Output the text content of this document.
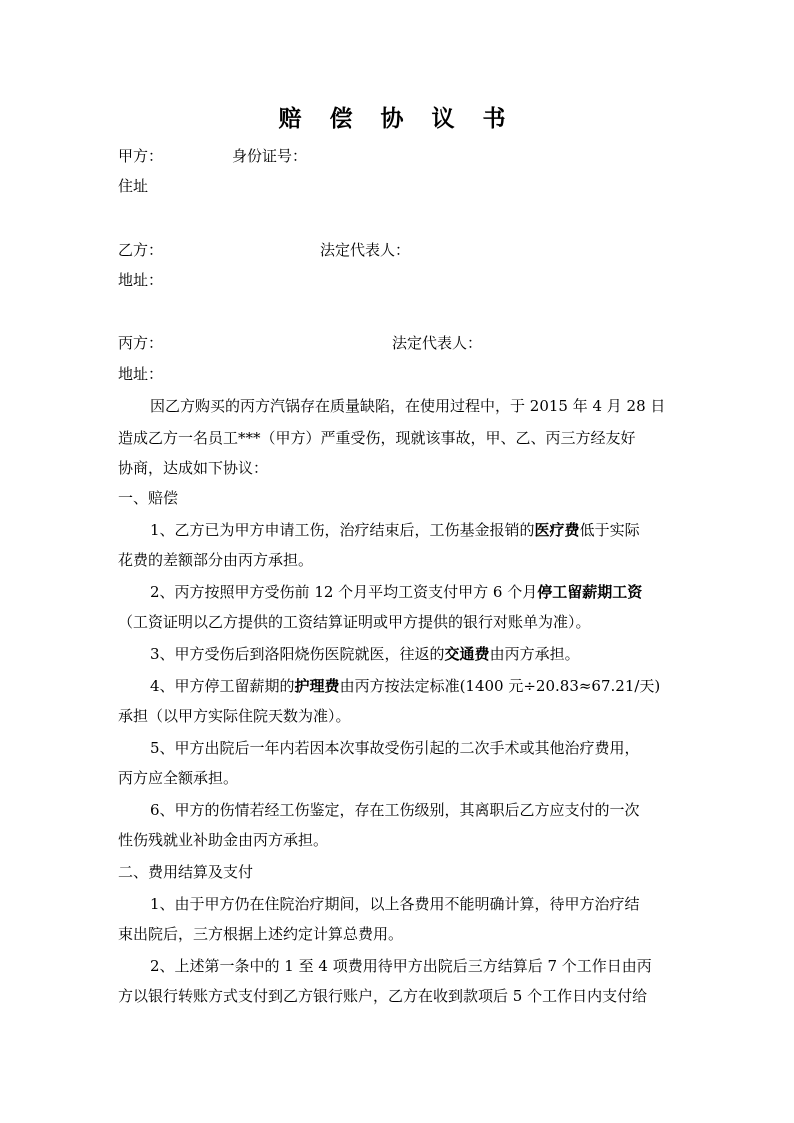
赔 偿 协 议 书
甲方：	身份证号：
住址
乙方：	法定代表人：
地址：
丙方：	法定代表人：
地址：
因乙方购买的丙方汽锅存在质量缺陷，在使用过程中，于 2015 年 4 月 28 日
造成乙方一名员工***（甲方）严重受伤，现就该事故，甲、乙、丙三方经友好
协商，达成如下协议：
一、赔偿
1、乙方已为甲方申请工伤，治疗结束后，工伤基金报销的医疗费低于实际
花费的差额部分由丙方承担。
2、丙方按照甲方受伤前 12 个月平均工资支付甲方 6 个月停工留薪期工资
（工资证明以乙方提供的工资结算证明或甲方提供的银行对账单为准）。
3、甲方受伤后到洛阳烧伤医院就医，往返的交通费由丙方承担。
4、甲方停工留薪期的护理费由丙方按法定标准(1400 元÷20.83≈67.21/天)
承担（以甲方实际住院天数为准）。
5、甲方出院后一年内若因本次事故受伤引起的二次手术或其他治疗费用，
丙方应全额承担。
6、甲方的伤情若经工伤鉴定，存在工伤级别，其离职后乙方应支付的一次
性伤残就业补助金由丙方承担。
二、费用结算及支付
1、由于甲方仍在住院治疗期间，以上各费用不能明确计算，待甲方治疗结
束出院后，三方根据上述约定计算总费用。
2、上述第一条中的 1 至 4 项费用待甲方出院后三方结算后 7 个工作日由丙
方以银行转账方式支付到乙方银行账户，乙方在收到款项后 5 个工作日内支付给
